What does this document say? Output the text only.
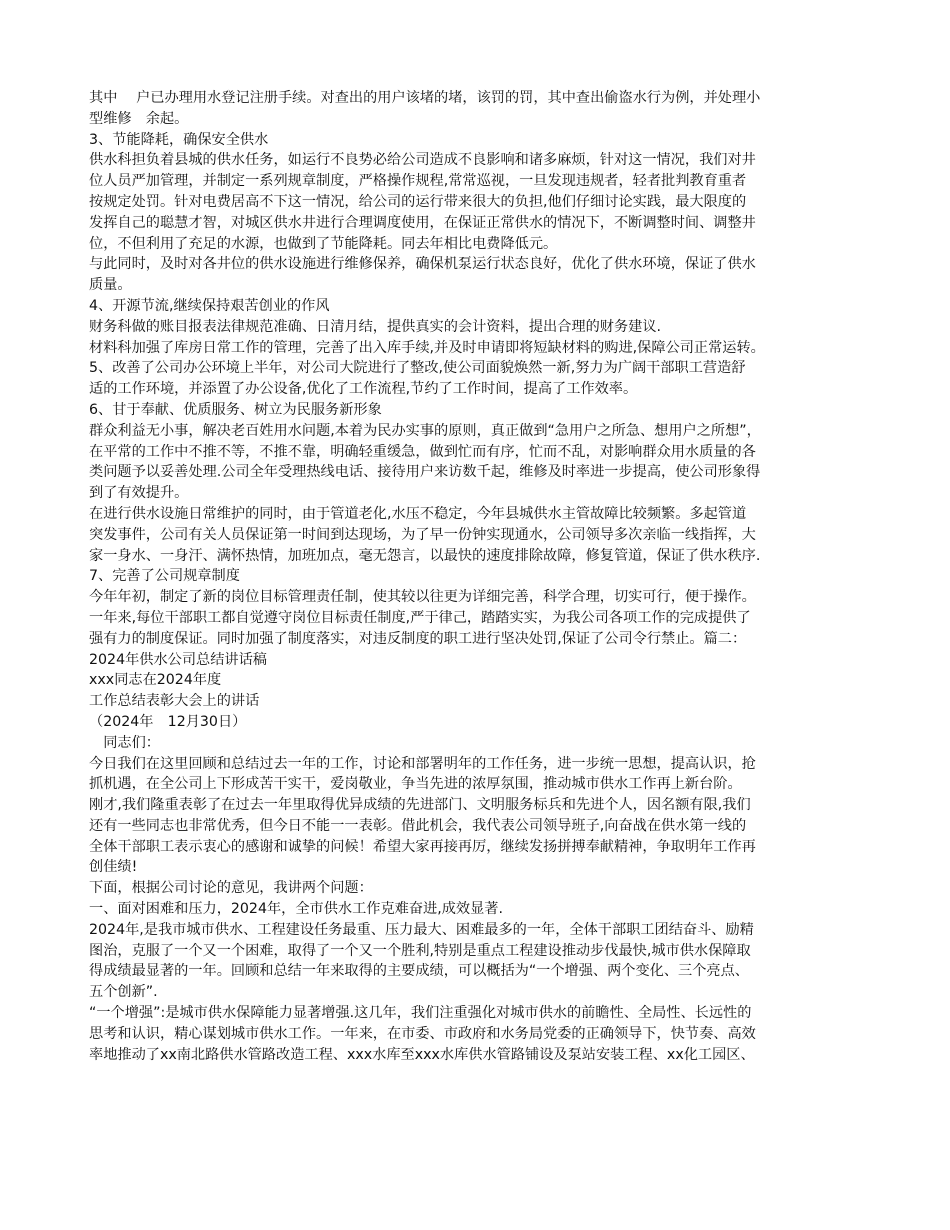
其中　 户已办理用水登记注册手续。对查出的用户该堵的堵，该罚的罚，其中查出偷盗水行为例，并处理小

型维修　余起。

3、节能降耗，确保安全供水

供水科担负着县城的供水任务，如运行不良势必给公司造成不良影响和诸多麻烦，针对这一情况，我们对井

位人员严加管理，并制定一系列规章制度，严格操作规程,常常巡视，一旦发现违规者，轻者批判教育重者

按规定处罚。针对电费居高不下这一情况，给公司的运行带来很大的负担,他们仔细讨论实践，最大限度的

发挥自己的聪慧才智，对城区供水井进行合理调度使用，在保证正常供水的情况下，不断调整时间、调整井

位，不但利用了充足的水源，也做到了节能降耗。同去年相比电费降低元。

与此同时，及时对各井位的供水设施进行维修保养，确保机泵运行状态良好，优化了供水环境，保证了供水

质量。

4、开源节流,继续保持艰苦创业的作风

财务科做的账目报表法律规范准确、日清月结，提供真实的会计资料，提出合理的财务建议.

材料科加强了库房日常工作的管理，完善了出入库手续,并及时申请即将短缺材料的购进,保障公司正常运转。

5、改善了公司办公环境上半年，对公司大院进行了整改,使公司面貌焕然一新,努力为广阔干部职工营造舒

适的工作环境，并添置了办公设备,优化了工作流程,节约了工作时间，提高了工作效率。

6、甘于奉献、优质服务、树立为民服务新形象

群众利益无小事，解决老百姓用水问题,本着为民办实事的原则，真正做到“急用户之所急、想用户之所想”，

在平常的工作中不推不等，不推不靠，明确轻重缓急，做到忙而有序，忙而不乱，对影响群众用水质量的各

类问题予以妥善处理.公司全年受理热线电话、接待用户来访数千起，维修及时率进一步提高，使公司形象得

到了有效提升。

在进行供水设施日常维护的同时，由于管道老化,水压不稳定，今年县城供水主管故障比较频繁。多起管道

突发事件，公司有关人员保证第一时间到达现场，为了早一份钟实现通水，公司领导多次亲临一线指挥，大

家一身水、一身汗、满怀热情，加班加点，毫无怨言，以最快的速度排除故障，修复管道，保证了供水秩序.

7、完善了公司规章制度

今年年初，制定了新的岗位目标管理责任制，使其较以往更为详细完善，科学合理，切实可行，便于操作。

一年来,每位干部职工都自觉遵守岗位目标责任制度,严于律己，踏踏实实，为我公司各项工作的完成提供了

强有力的制度保证。同时加强了制度落实，对违反制度的职工进行坚决处罚,保证了公司令行禁止。篇二：

2024年供水公司总结讲话稿

xxx同志在2024年度

工作总结表彰大会上的讲话

（2024年　12月30日）

　同志们：

今日我们在这里回顾和总结过去一年的工作，讨论和部署明年的工作任务，进一步统一思想，提高认识，抢

抓机遇，在全公司上下形成苦干实干，爱岗敬业，争当先进的浓厚氛围，推动城市供水工作再上新台阶。

刚才,我们隆重表彰了在过去一年里取得优异成绩的先进部门、文明服务标兵和先进个人，因名额有限,我们

还有一些同志也非常优秀，但今日不能一一表彰。借此机会，我代表公司领导班子,向奋战在供水第一线的

全体干部职工表示衷心的感谢和诚挚的问候！希望大家再接再厉，继续发扬拼搏奉献精神，争取明年工作再

创佳绩!

下面，根据公司讨论的意见，我讲两个问题：

一、面对困难和压力，2024年，全市供水工作克难奋进,成效显著.

2024年,是我市城市供水、工程建设任务最重、压力最大、困难最多的一年，全体干部职工团结奋斗、励精

图治，克服了一个又一个困难，取得了一个又一个胜利,特别是重点工程建设推动步伐最快,城市供水保障取

得成绩最显著的一年。回顾和总结一年来取得的主要成绩，可以概括为“一个增强、两个变化、三个亮点、

五个创新”.

“一个增强”:是城市供水保障能力显著增强.这几年，我们注重强化对城市供水的前瞻性、全局性、长远性的

思考和认识，精心谋划城市供水工作。一年来，在市委、市政府和水务局党委的正确领导下，快节奏、高效

率地推动了xx南北路供水管路改造工程、xxx水库至xxx水库供水管路铺设及泵站安装工程、xx化工园区、
